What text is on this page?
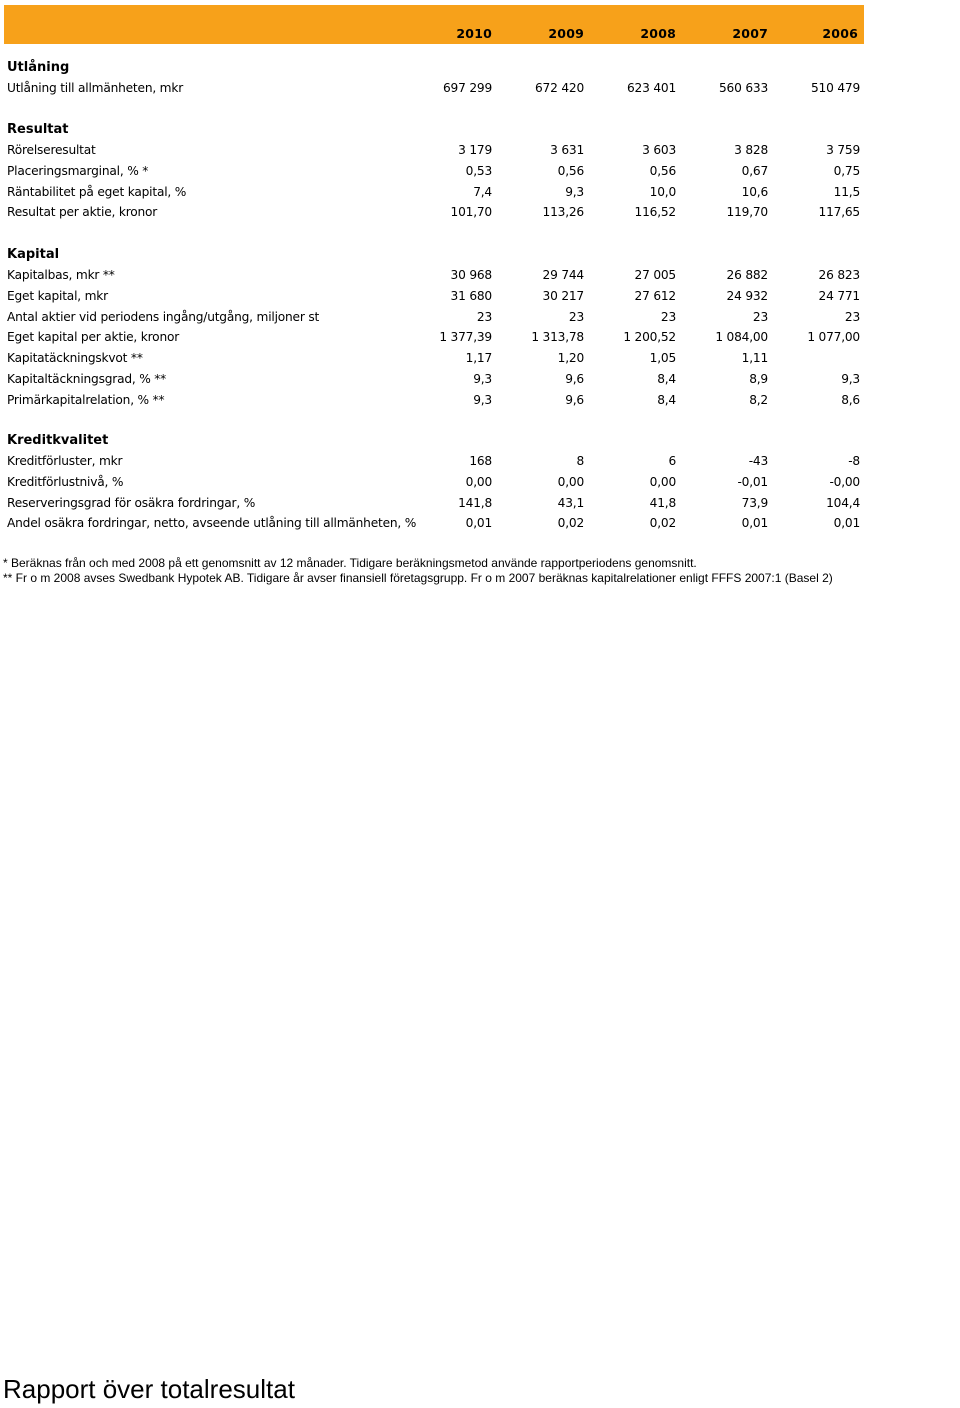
2010	2009	2008	2007	2006
Utlåning
Utlåning till allmänheten, mkr	697 299	672 420	623 401	560 633	510 479
Resultat
Rörelseresultat	3 179	3 631	3 603	3 828	3 759
Placeringsmarginal, % *	0,53	0,56	0,56	0,67	0,75
Räntabilitet på eget kapital, %	7,4	9,3	10,0	10,6	11,5
Resultat per aktie, kronor	101,70	113,26	116,52	119,70	117,65
Kapital
Kapitalbas, mkr **	30 968	29 744	27 005	26 882	26 823
Eget kapital, mkr	31 680	30 217	27 612	24 932	24 771
Antal aktier vid periodens ingång/utgång, miljoner st	23	23	23	23	23
Eget kapital per aktie, kronor	1 377,39	1 313,78	1 200,52	1 084,00	1 077,00
Kapitatäckningskvot **	1,17	1,20	1,05	1,11
Kapitaltäckningsgrad, % **	9,3	9,6	8,4	8,9	9,3
Primärkapitalrelation, % **	9,3	9,6	8,4	8,2	8,6
Kreditkvalitet
Kreditförluster, mkr	168	8	6	-43	-8
Kreditförlustnivå, %	0,00	0,00	0,00	-0,01	-0,00
Reserveringsgrad för osäkra fordringar, %	141,8	43,1	41,8	73,9	104,4
Andel osäkra fordringar, netto, avseende utlåning till allmänheten, %	0,01	0,02	0,02	0,01	0,01
* Beräknas från och med 2008 på ett genomsnitt av 12 månader. Tidigare beräkningsmetod använde rapportperiodens genomsnitt.
** Fr o m 2008 avses Swedbank Hypotek AB. Tidigare år avser finansiell företagsgrupp. Fr o m 2007 beräknas kapitalrelationer enligt FFFS 2007:1 (Basel 2)
Rapport över totalresultat
